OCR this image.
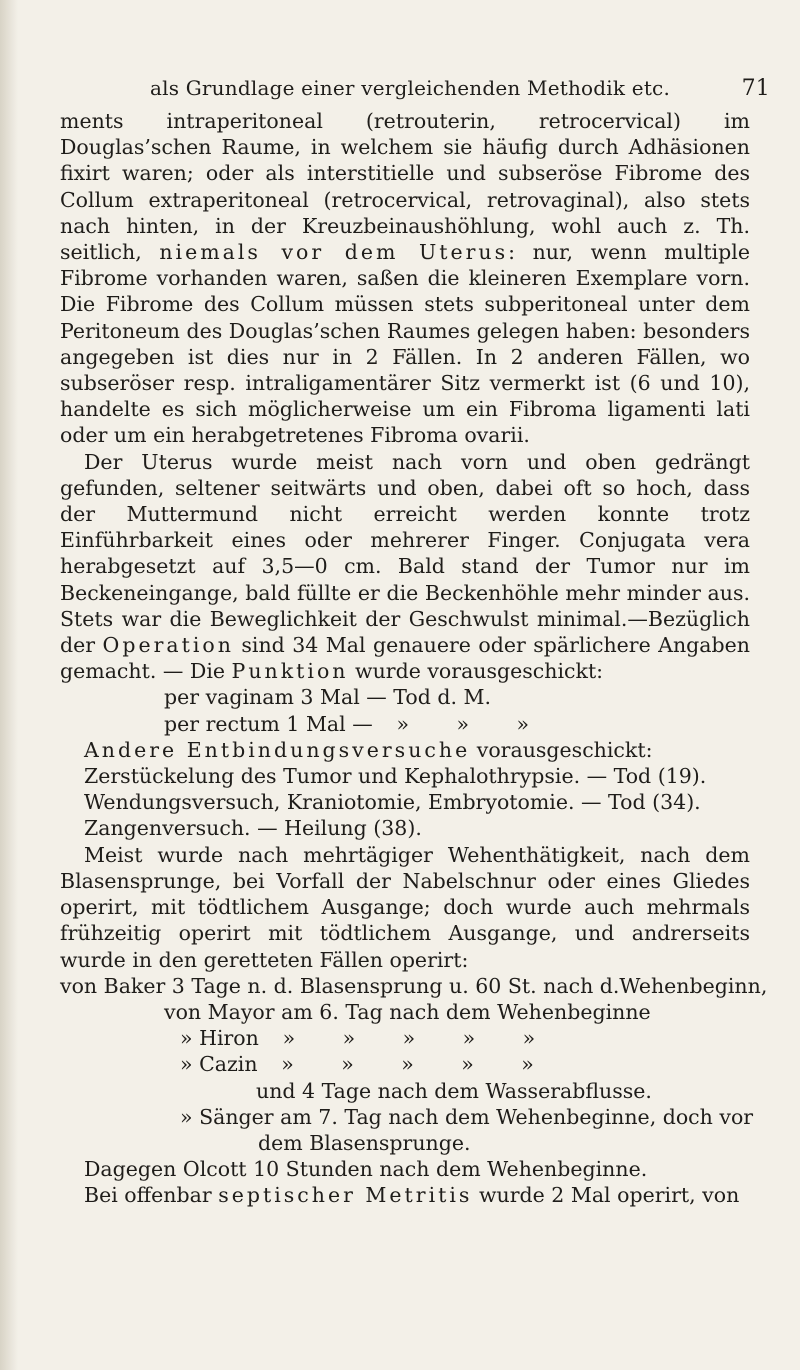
als Grundlage einer vergleichenden Methodik etc.	71

ments intraperitoneal (retrouterin, retrocervical) im Douglas’schen Raume, in welchem sie häufig durch Adhäsionen fixirt waren; oder als interstitielle und subseröse Fibrome des Collum extraperitoneal (retrocervical, retrovaginal), also stets nach hinten, in der Kreuzbeinaushöhlung, wohl auch z. Th. seitlich, niemals vor dem Uterus: nur, wenn multiple Fibrome vorhanden waren, saßen die kleineren Exemplare vorn. Die Fibrome des Collum müssen stets subperitoneal unter dem Peritoneum des Douglas’schen Raumes gelegen haben: besonders angegeben ist dies nur in 2 Fällen. In 2 anderen Fällen, wo subseröser resp. intraligamentärer Sitz vermerkt ist (6 und 10), handelte es sich möglicherweise um ein Fibroma ligamenti lati oder um ein herabgetretenes Fibroma ovarii.

Der Uterus wurde meist nach vorn und oben gedrängt gefunden, seltener seitwärts und oben, dabei oft so hoch, dass der Muttermund nicht erreicht werden konnte trotz Einführbarkeit eines oder mehrerer Finger. Conjugata vera herabgesetzt auf 3,5—0 cm. Bald stand der Tumor nur im Beckeneingange, bald füllte er die Beckenhöhle mehr minder aus. Stets war die Beweglichkeit der Geschwulst minimal.—Bezüglich der Operation sind 34 Mal genauere oder spärlichere Angaben gemacht. — Die Punktion wurde vorausgeschickt:

per vaginam 3 Mal — Tod d. M.
per rectum 1 Mal — » » »
Andere Entbindungsversuche vorausgeschickt:
Zerstückelung des Tumor und Kephalothrypsie. — Tod (19).
Wendungsversuch, Kraniotomie, Embryotomie. — Tod (34).
Zangenversuch. — Heilung (38).

Meist wurde nach mehrtägiger Wehenthätigkeit, nach dem Blasensprunge, bei Vorfall der Nabelschnur oder eines Gliedes operirt, mit tödtlichem Ausgange; doch wurde auch mehrmals frühzeitig operirt mit tödtlichem Ausgange, und andrerseits wurde in den geretteten Fällen operirt:

von Baker 3 Tage n. d. Blasensprung u. 60 St. nach d.Wehenbeginn,
von Mayor am 6. Tag nach dem Wehenbeginne
» Hiron » » » » »
» Cazin » » » » »
und 4 Tage nach dem Wasserabflusse.
» Sänger am 7. Tag nach dem Wehenbeginne, doch vor
dem Blasensprunge.
Dagegen Olcott 10 Stunden nach dem Wehenbeginne.
Bei offenbar septischer Metritis wurde 2 Mal operirt, von
